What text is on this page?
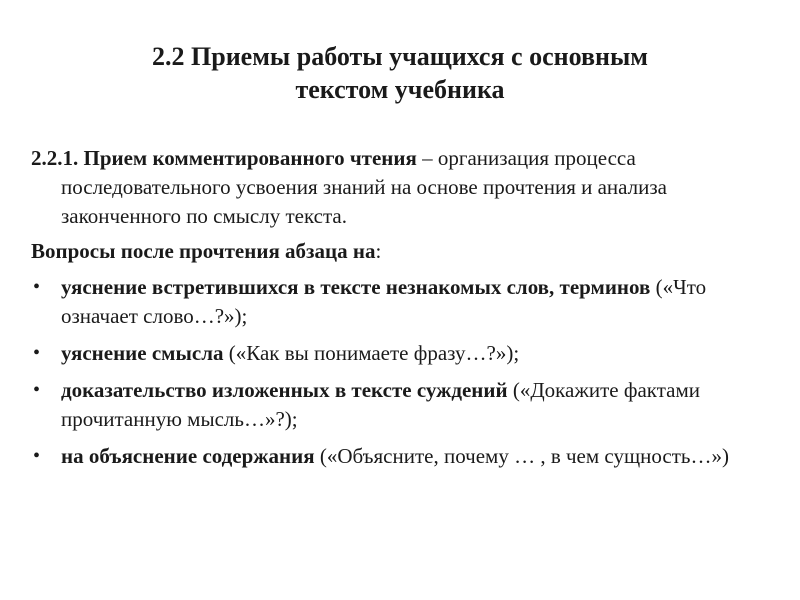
2.2 Приемы работы учащихся с основным
текстом учебника

2.2.1. Прием комментированного чтения – организация процесса последовательного усвоения знаний на основе прочтения и анализа законченного по смыслу текста.

Вопросы после прочтения абзаца на:

• уяснение встретившихся в тексте незнакомых слов, терминов («Что означает слово…?»);
• уяснение смысла («Как вы понимаете фразу…?»);
• доказательство изложенных в тексте суждений («Докажите фактами прочитанную мысль…»?);
• на объяснение содержания («Объясните, почему … , в чем сущность…»)
